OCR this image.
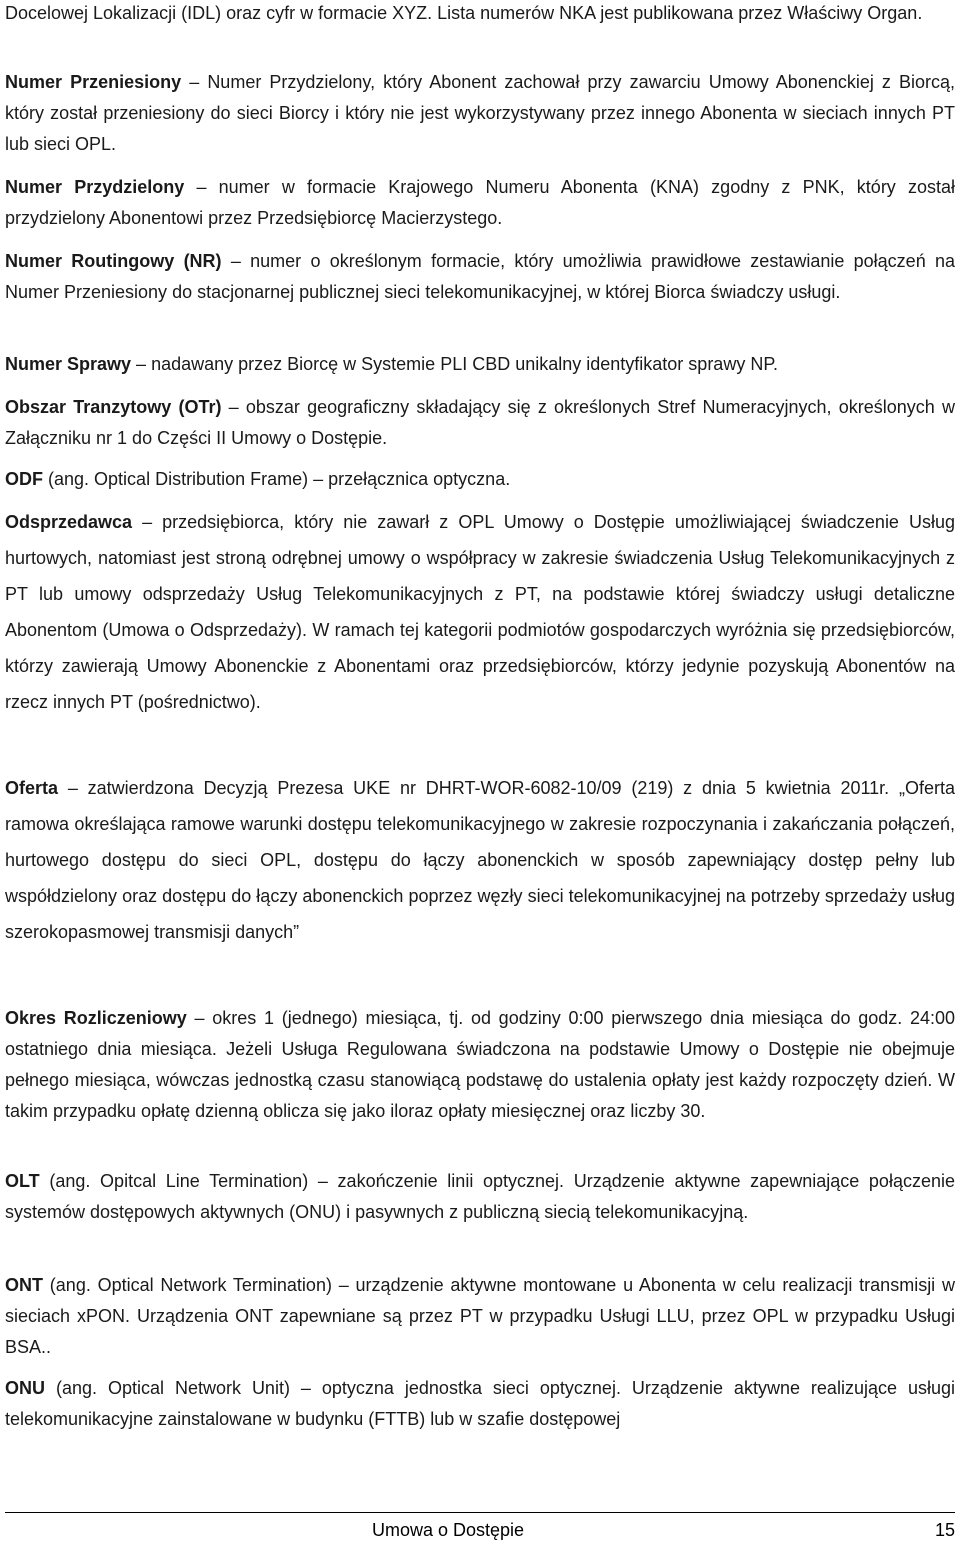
Docelowej Lokalizacji (IDL) oraz cyfr w formacie XYZ. Lista numerów NKA jest publikowana przez Właściwy Organ.

Numer Przeniesiony – Numer Przydzielony, który Abonent zachował przy zawarciu Umowy Abonenckiej z Biorcą, który został przeniesiony do sieci Biorcy i który nie jest wykorzystywany przez innego Abonenta w sieciach innych PT lub sieci OPL.

Numer Przydzielony – numer w formacie Krajowego Numeru Abonenta (KNA) zgodny z PNK, który został przydzielony Abonentowi przez Przedsiębiorcę Macierzystego.

Numer Routingowy (NR) – numer o określonym formacie, który umożliwia prawidłowe zestawianie połączeń na Numer Przeniesiony do stacjonarnej publicznej sieci telekomunikacyjnej, w której Biorca świadczy usługi.

Numer Sprawy – nadawany przez Biorcę w Systemie PLI CBD unikalny identyfikator sprawy NP.

Obszar Tranzytowy (OTr) – obszar geograficzny składający się z określonych Stref Numeracyjnych, określonych w Załączniku nr 1 do Części II Umowy o Dostępie.

ODF (ang. Optical Distribution Frame) – przełącznica optyczna.

Odsprzedawca – przedsiębiorca, który nie zawarł z OPL Umowy o Dostępie umożliwiającej świadczenie Usług hurtowych, natomiast jest stroną odrębnej umowy o współpracy w zakresie świadczenia Usług Telekomunikacyjnych z PT lub umowy odsprzedaży Usług Telekomunikacyjnych z PT, na podstawie której świadczy usługi detaliczne Abonentom (Umowa o Odsprzedaży). W ramach tej kategorii podmiotów gospodarczych wyróżnia się przedsiębiorców, którzy zawierają Umowy Abonenckie z Abonentami oraz przedsiębiorców, którzy jedynie pozyskują Abonentów na rzecz innych PT (pośrednictwo).

Oferta – zatwierdzona Decyzją Prezesa UKE nr DHRT-WOR-6082-10/09 (219) z dnia 5 kwietnia 2011r. „Oferta ramowa określająca ramowe warunki dostępu telekomunikacyjnego w zakresie rozpoczynania i zakańczania połączeń, hurtowego dostępu do sieci OPL, dostępu do łączy abonenckich w sposób zapewniający dostęp pełny lub współdzielony oraz dostępu do łączy abonenckich poprzez węzły sieci telekomunikacyjnej na potrzeby sprzedaży usług szerokopasmowej transmisji danych”

Okres Rozliczeniowy – okres 1 (jednego) miesiąca, tj. od godziny 0:00 pierwszego dnia miesiąca do godz. 24:00 ostatniego dnia miesiąca. Jeżeli Usługa Regulowana świadczona na podstawie Umowy o Dostępie nie obejmuje pełnego miesiąca, wówczas jednostką czasu stanowiącą podstawę do ustalenia opłaty jest każdy rozpoczęty dzień. W takim przypadku opłatę dzienną oblicza się jako iloraz opłaty miesięcznej oraz liczby 30.

OLT (ang. Opitcal Line Termination) – zakończenie linii optycznej. Urządzenie aktywne zapewniające połączenie systemów dostępowych aktywnych (ONU) i pasywnych z publiczną siecią telekomunikacyjną.

ONT (ang. Optical Network Termination) – urządzenie aktywne montowane u Abonenta w celu realizacji transmisji w sieciach xPON. Urządzenia ONT zapewniane są przez PT w przypadku Usługi LLU, przez OPL w przypadku Usługi BSA..

ONU (ang. Optical Network Unit) – optyczna jednostka sieci optycznej. Urządzenie aktywne realizujące usługi telekomunikacyjne zainstalowane w budynku (FTTB) lub w szafie dostępowej

Umowa o Dostępie	15
